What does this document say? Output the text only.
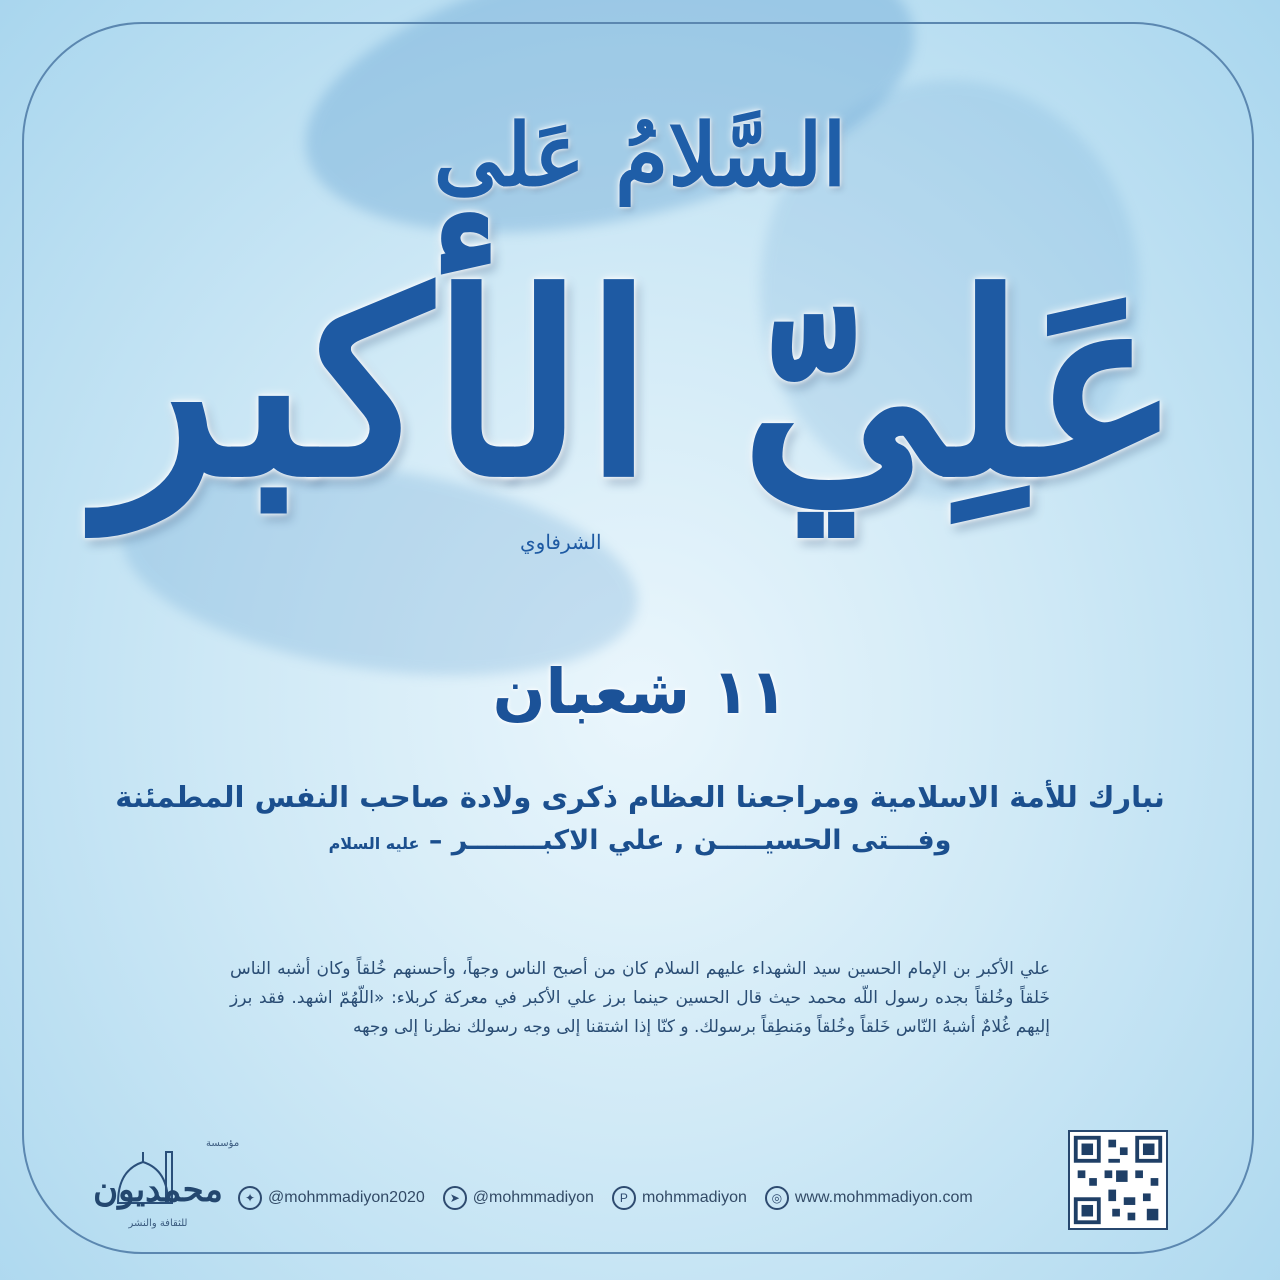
السَّلامُ عَلى
عَلِيّ الأكبر
الشرفاوي
١١ شعبان
نبارك للأمة الاسلامية ومراجعنا العظام ذكرى ولادة صاحب النفس المطمئنة
وفـــتى الحسيـــــن , علي الاكبــــــــر – عليه السلام
علي الأكبر بن الإمام الحسين سيد الشهداء عليهم السلام كان من أصبح الناس وجهاً، وأحسنهم خُلقاً وكان أشبه الناس خَلقاً وخُلقاً بجده رسول اللّه محمد حيث قال الحسين حينما برز علي الأكبر في معركة كربلاء: «اللّهُمّ اشهد. فقد برز إليهم غُلامٌ أشبهُ النّاس خَلقاً وخُلقاً ومَنطِقاً برسولك. و كنّا إذا اشتقنا إلى وجه رسولك نظرنا إلى وجهه
مؤسسة
محمديون
للثقافة والنشر
✦ @mohmmadiyon2020	➤ @mohmmadiyon	P mohmmadiyon	◎ www.mohmmadiyon.com
